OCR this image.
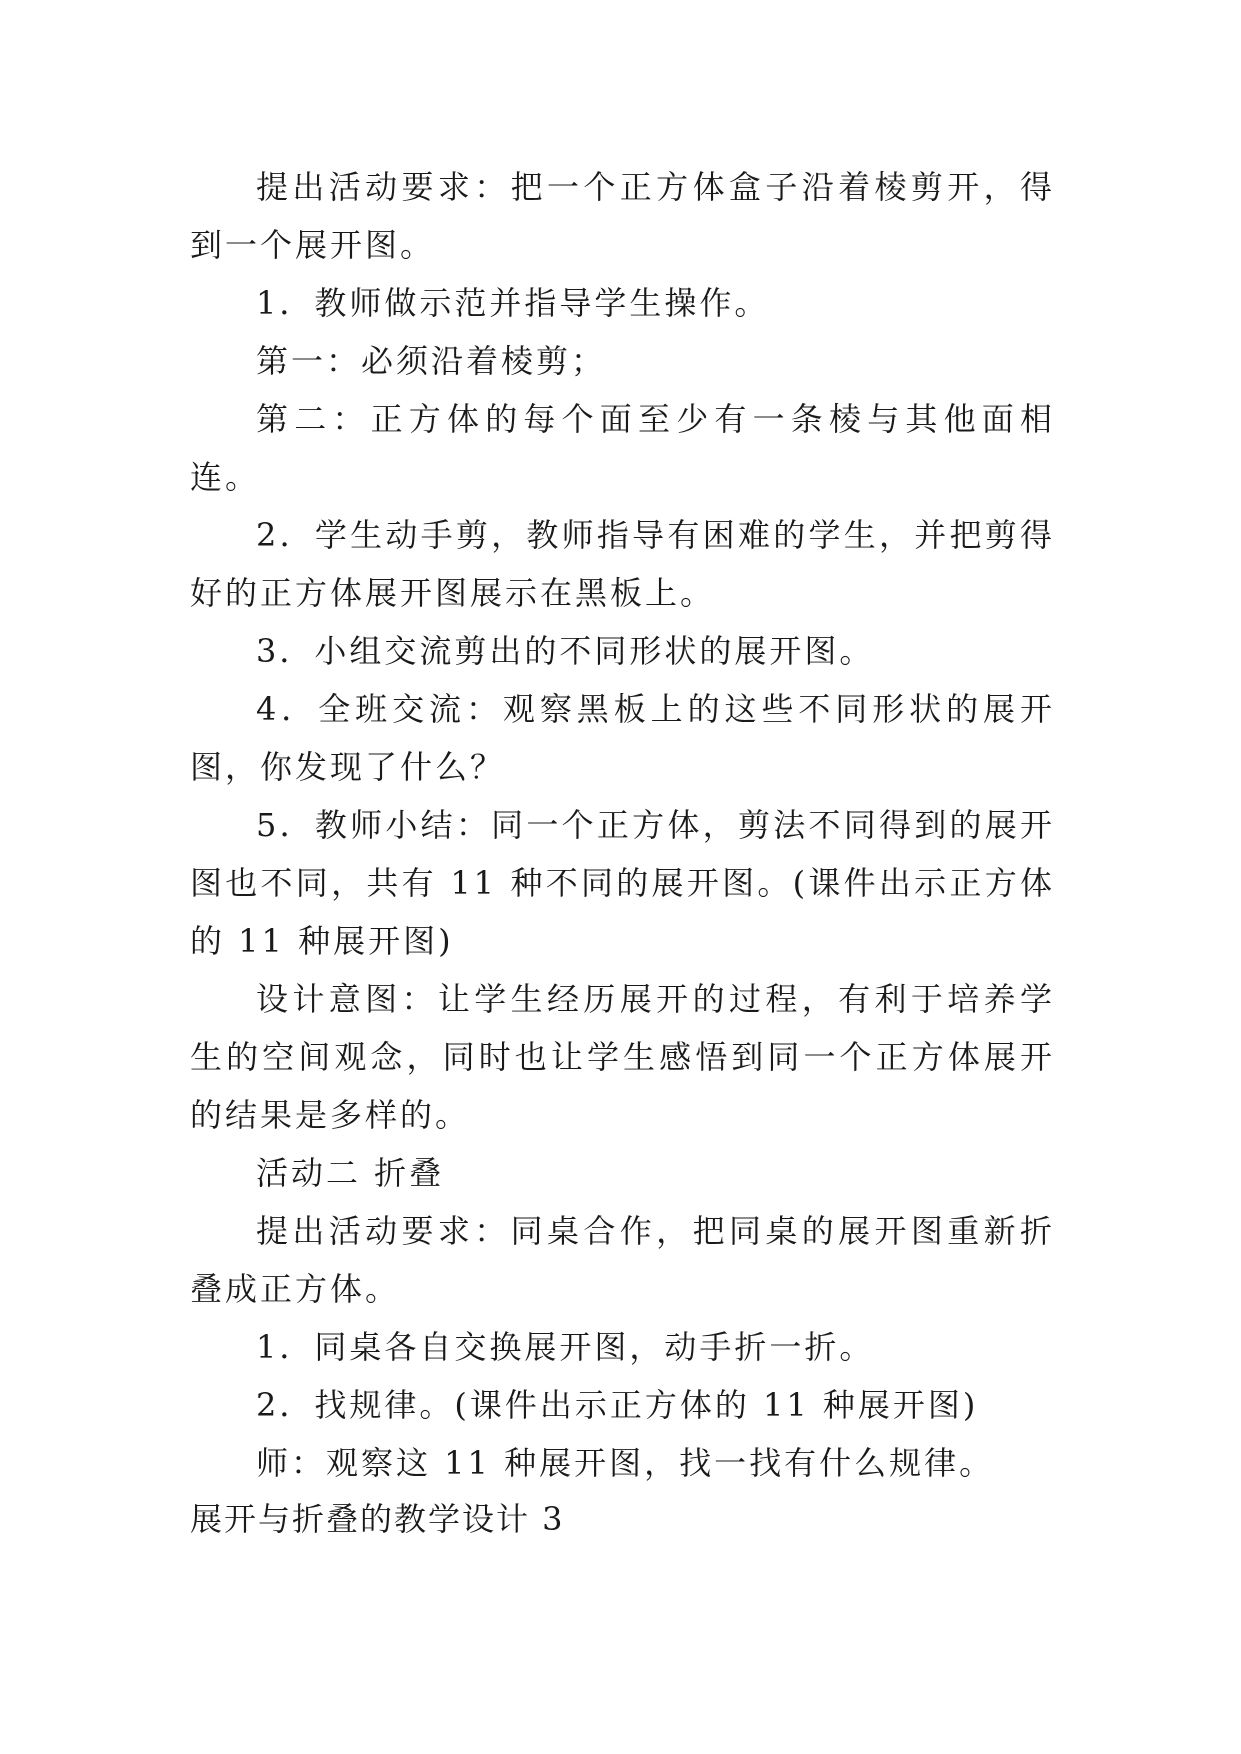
提出活动要求：把一个正方体盒子沿着棱剪开，得到一个展开图。

1．教师做示范并指导学生操作。

第一：必须沿着棱剪；

第二：正方体的每个面至少有一条棱与其他面相连。

2．学生动手剪，教师指导有困难的学生，并把剪得好的正方体展开图展示在黑板上。

3．小组交流剪出的不同形状的展开图。

4．全班交流：观察黑板上的这些不同形状的展开图，你发现了什么？

5．教师小结：同一个正方体，剪法不同得到的展开图也不同，共有 11 种不同的展开图。(课件出示正方体的 11 种展开图)

设计意图：让学生经历展开的过程，有利于培养学生的空间观念，同时也让学生感悟到同一个正方体展开的结果是多样的。

活动二 折叠

提出活动要求：同桌合作，把同桌的展开图重新折叠成正方体。

1．同桌各自交换展开图，动手折一折。

2．找规律。(课件出示正方体的 11 种展开图)

师：观察这 11 种展开图，找一找有什么规律。

展开与折叠的教学设计 3
